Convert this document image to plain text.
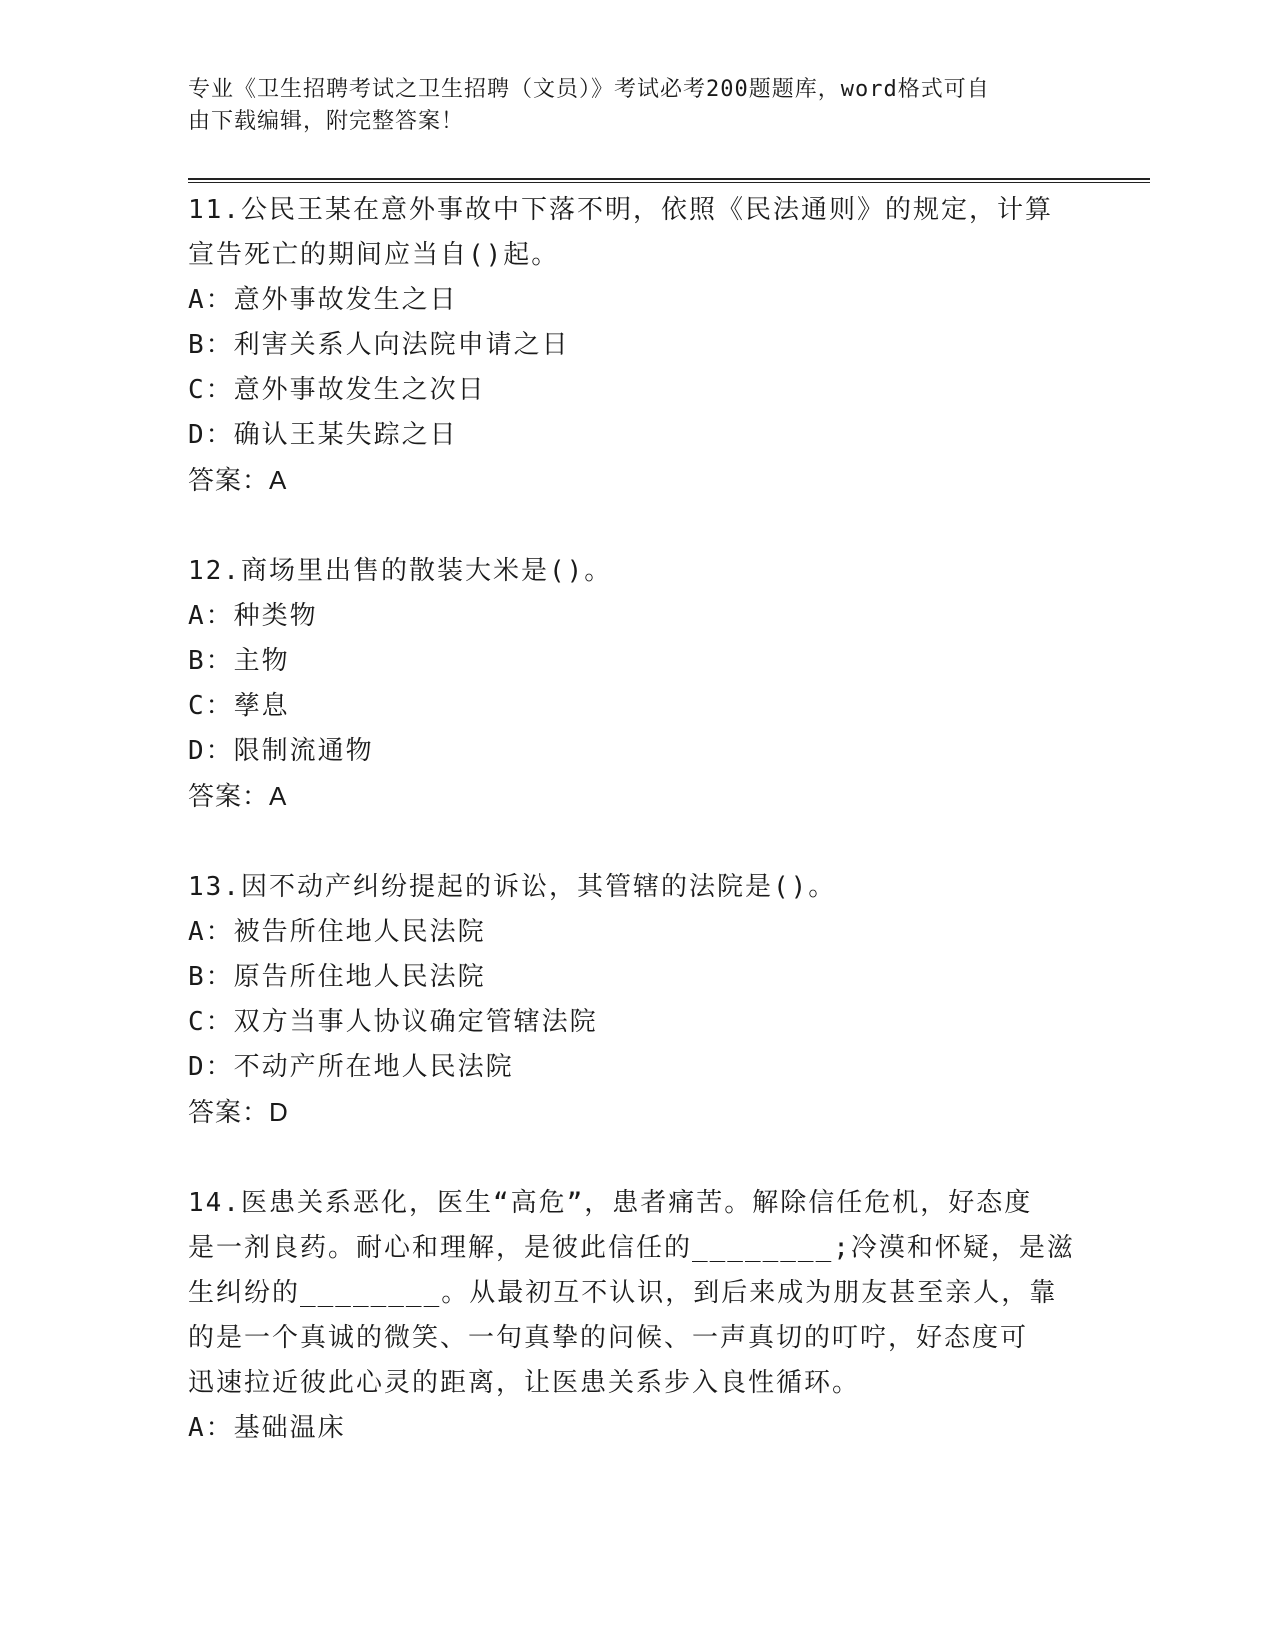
专业《卫生招聘考试之卫生招聘（文员）》考试必考200题题库，word格式可自
由下载编辑，附完整答案！

11.公民王某在意外事故中下落不明，依照《民法通则》的规定，计算

宣告死亡的期间应当自()起。

A：意外事故发生之日

B：利害关系人向法院申请之日

C：意外事故发生之次日

D：确认王某失踪之日

答案：A

12.商场里出售的散装大米是()。

A：种类物

B：主物

C：孳息

D：限制流通物

答案：A

13.因不动产纠纷提起的诉讼，其管辖的法院是()。

A：被告所住地人民法院

B：原告所住地人民法院

C：双方当事人协议确定管辖法院

D：不动产所在地人民法院

答案：D

14.医患关系恶化，医生“高危”，患者痛苦。解除信任危机，好态度

是一剂良药。耐心和理解，是彼此信任的________;冷漠和怀疑，是滋

生纠纷的________。从最初互不认识，到后来成为朋友甚至亲人，靠

的是一个真诚的微笑、一句真挚的问候、一声真切的叮咛，好态度可

迅速拉近彼此心灵的距离，让医患关系步入良性循环。

A：基础温床
